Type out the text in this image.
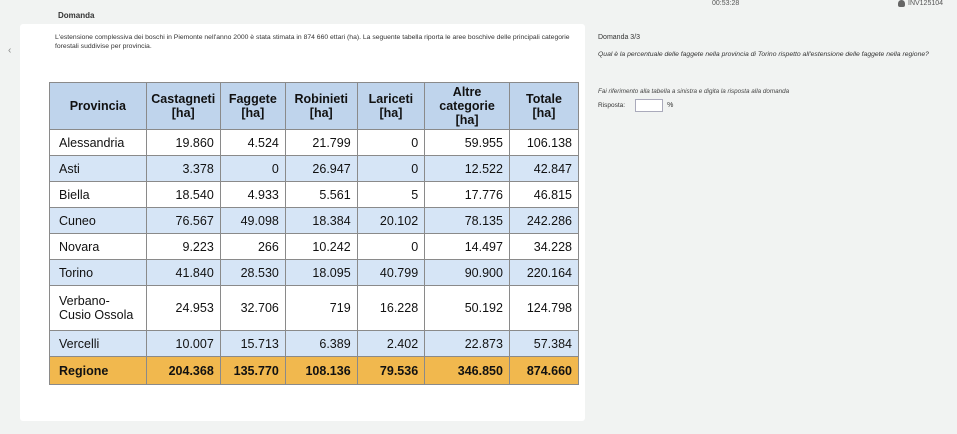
00:53:28	INV125104
Domanda
‹
L'estensione complessiva dei boschi in Piemonte nell'anno 2000 è stata stimata in 874 660 ettari (ha). La seguente tabella riporta le aree boschive delle principali categorie forestali suddivise per provincia.
Provincia	Castagneti [ha]	Faggete [ha]	Robinieti [ha]	Lariceti [ha]	Altre categorie [ha]	Totale [ha]
Alessandria	19.860	4.524	21.799	0	59.955	106.138
Asti	3.378	0	26.947	0	12.522	42.847
Biella	18.540	4.933	5.561	5	17.776	46.815
Cuneo	76.567	49.098	18.384	20.102	78.135	242.286
Novara	9.223	266	10.242	0	14.497	34.228
Torino	41.840	28.530	18.095	40.799	90.900	220.164
Verbano-Cusio Ossola	24.953	32.706	719	16.228	50.192	124.798
Vercelli	10.007	15.713	6.389	2.402	22.873	57.384
Regione	204.368	135.770	108.136	79.536	346.850	874.660
Domanda 3/3
Qual è la percentuale delle faggete nella provincia di Torino rispetto all'estensione delle faggete nella regione?
Fai riferimento alla tabella a sinistra e digita la risposta alla domanda
Risposta:	%
